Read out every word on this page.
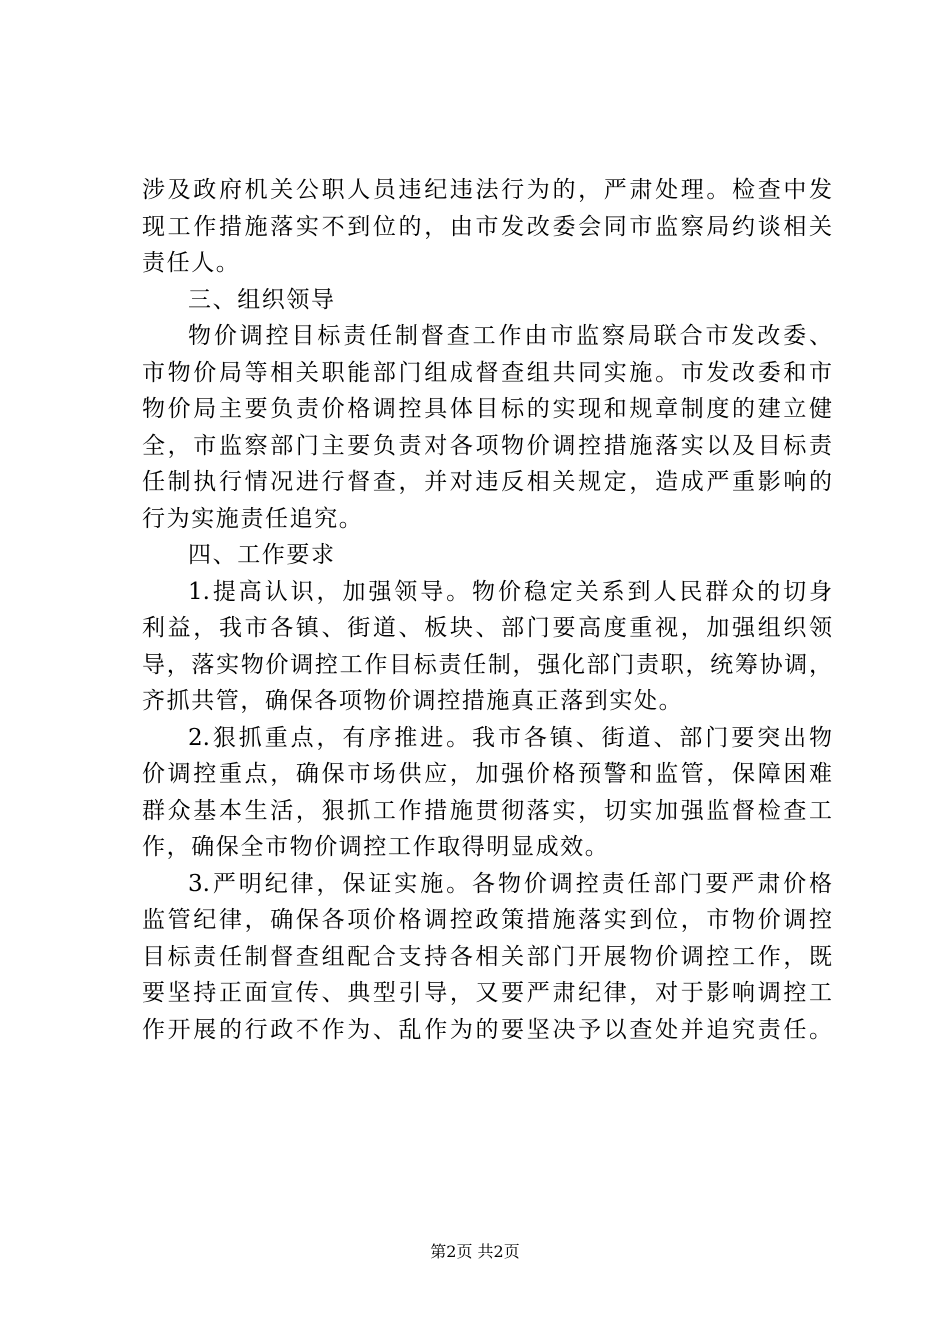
涉及政府机关公职人员违纪违法行为的，严肃处理。检查中发
现工作措施落实不到位的，由市发改委会同市监察局约谈相关
责任人。
三、组织领导
物价调控目标责任制督查工作由市监察局联合市发改委、
市物价局等相关职能部门组成督查组共同实施。市发改委和市
物价局主要负责价格调控具体目标的实现和规章制度的建立健
全，市监察部门主要负责对各项物价调控措施落实以及目标责
任制执行情况进行督查，并对违反相关规定，造成严重影响的
行为实施责任追究。
四、工作要求
1.提高认识，加强领导。物价稳定关系到人民群众的切身
利益，我市各镇、街道、板块、部门要高度重视，加强组织领
导，落实物价调控工作目标责任制，强化部门责职，统筹协调，
齐抓共管，确保各项物价调控措施真正落到实处。
2.狠抓重点，有序推进。我市各镇、街道、部门要突出物
价调控重点，确保市场供应，加强价格预警和监管，保障困难
群众基本生活，狠抓工作措施贯彻落实，切实加强监督检查工
作，确保全市物价调控工作取得明显成效。
3.严明纪律，保证实施。各物价调控责任部门要严肃价格
监管纪律，确保各项价格调控政策措施落实到位，市物价调控
目标责任制督查组配合支持各相关部门开展物价调控工作，既
要坚持正面宣传、典型引导，又要严肃纪律，对于影响调控工
作开展的行政不作为、乱作为的要坚决予以查处并追究责任。
第2页 共2页
